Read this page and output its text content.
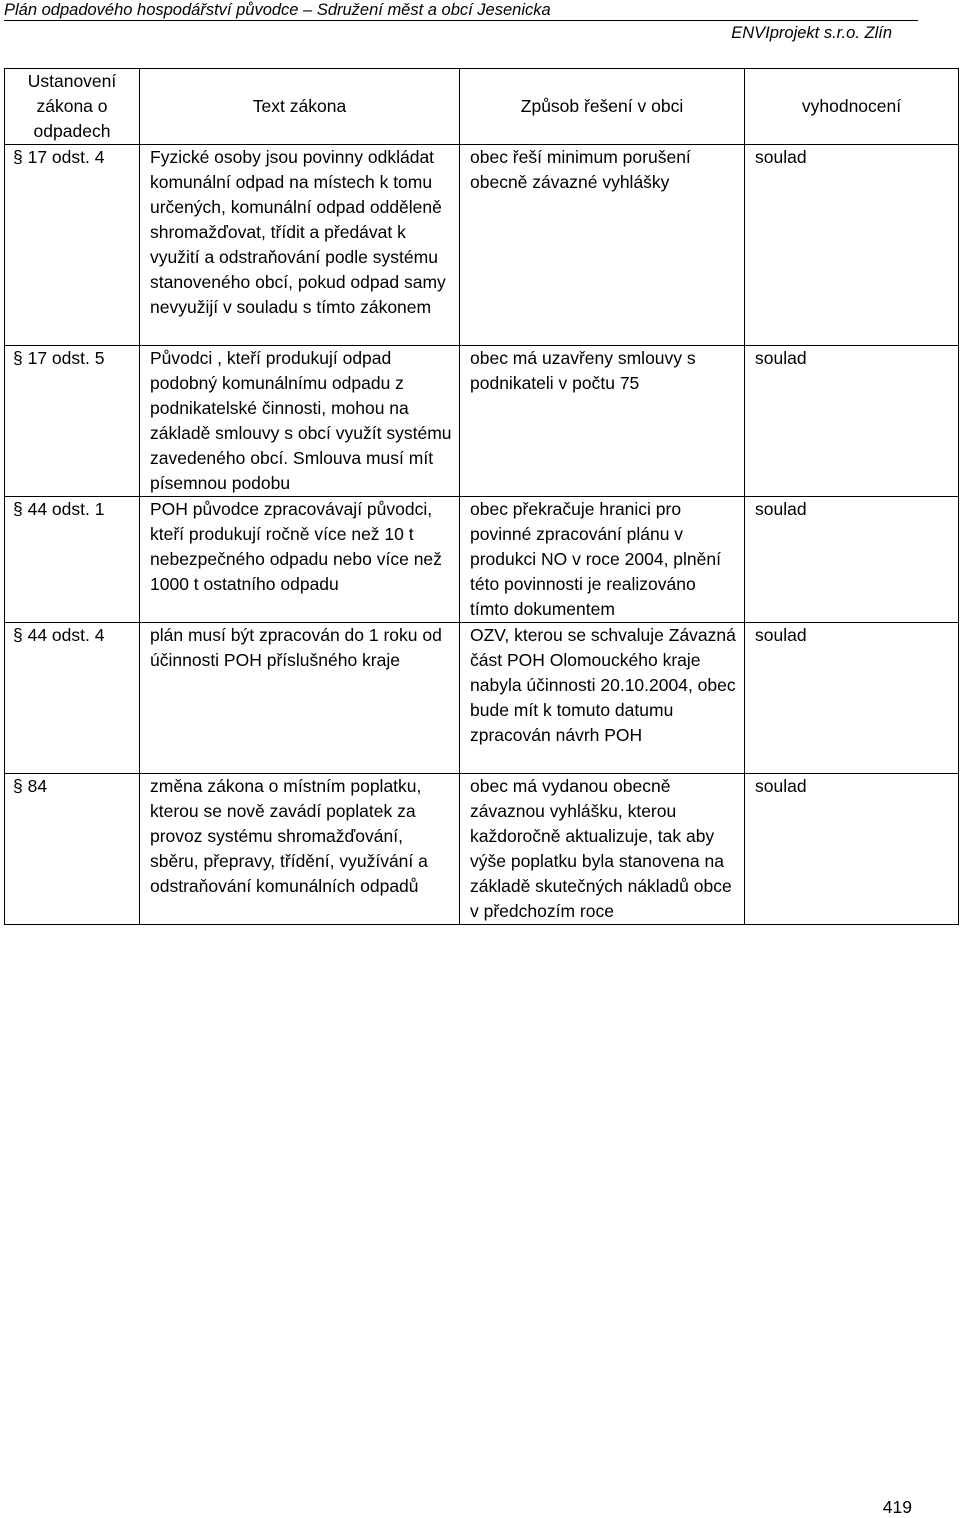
Plán odpadového hospodářství původce – Sdružení měst a obcí Jesenicka
ENVIprojekt s.r.o. Zlín
Ustanovení zákona o odpadech	Text zákona	Způsob řešení v obci	vyhodnocení
§ 17 odst. 4	Fyzické osoby jsou povinny odkládat komunální odpad na místech k tomu určených, komunální odpad odděleně shromažďovat, třídit a předávat k využití a odstraňování podle systému stanoveného obcí, pokud odpad samy nevyužijí v souladu s tímto zákonem	obec řeší minimum porušení obecně závazné vyhlášky	soulad
§ 17 odst. 5	Původci , kteří produkují odpad podobný komunálnímu odpadu z podnikatelské činnosti, mohou na základě smlouvy s obcí využít systému zavedeného obcí. Smlouva musí mít písemnou podobu	obec má uzavřeny smlouvy s podnikateli v počtu 75	soulad
§ 44 odst. 1	POH původce zpracovávají původci, kteří produkují ročně více než 10 t nebezpečného odpadu nebo více než 1000 t ostatního odpadu	obec překračuje hranici pro povinné zpracování plánu v produkci NO v roce 2004, plnění této povinnosti je realizováno tímto dokumentem	soulad
§ 44 odst. 4	plán musí být zpracován do 1 roku od účinnosti POH příslušného kraje	OZV, kterou se schvaluje Závazná část POH Olomouckého kraje nabyla účinnosti 20.10.2004, obec bude mít k tomuto datumu zpracován návrh POH	soulad
§ 84	změna zákona o místním poplatku, kterou se nově zavádí poplatek za provoz systému shromažďování, sběru, přepravy, třídění, využívání a odstraňování komunálních odpadů	obec má vydanou obecně závaznou vyhlášku, kterou každoročně aktualizuje, tak aby výše poplatku byla stanovena na základě skutečných nákladů obce v předchozím roce	soulad
419
